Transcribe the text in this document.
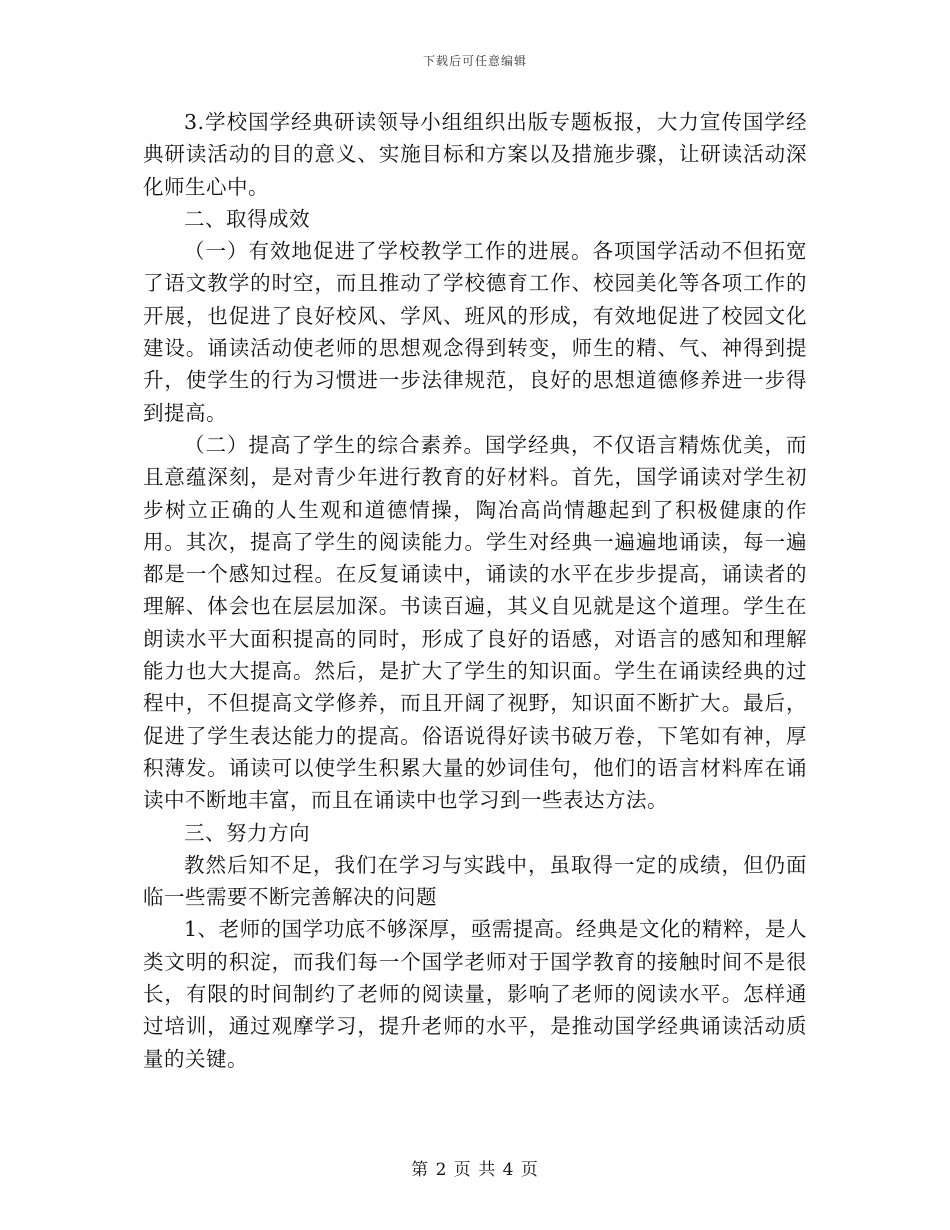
下载后可任意编辑

3.学校国学经典研读领导小组组织出版专题板报，大力宣传国学经典研读活动的目的意义、实施目标和方案以及措施步骤，让研读活动深化师生心中。

二、取得成效

（一）有效地促进了学校教学工作的进展。各项国学活动不但拓宽了语文教学的时空，而且推动了学校德育工作、校园美化等各项工作的开展，也促进了良好校风、学风、班风的形成，有效地促进了校园文化建设。诵读活动使老师的思想观念得到转变，师生的精、气、神得到提升，使学生的行为习惯进一步法律规范，良好的思想道德修养进一步得到提高。

（二）提高了学生的综合素养。国学经典，不仅语言精炼优美，而且意蕴深刻，是对青少年进行教育的好材料。首先，国学诵读对学生初步树立正确的人生观和道德情操，陶冶高尚情趣起到了积极健康的作用。其次，提高了学生的阅读能力。学生对经典一遍遍地诵读，每一遍都是一个感知过程。在反复诵读中，诵读的水平在步步提高，诵读者的理解、体会也在层层加深。书读百遍，其义自见就是这个道理。学生在朗读水平大面积提高的同时，形成了良好的语感，对语言的感知和理解能力也大大提高。然后，是扩大了学生的知识面。学生在诵读经典的过程中，不但提高文学修养，而且开阔了视野，知识面不断扩大。最后，促进了学生表达能力的提高。俗语说得好读书破万卷，下笔如有神，厚积薄发。诵读可以使学生积累大量的妙词佳句，他们的语言材料库在诵读中不断地丰富，而且在诵读中也学习到一些表达方法。

三、努力方向

教然后知不足，我们在学习与实践中，虽取得一定的成绩，但仍面临一些需要不断完善解决的问题

1、老师的国学功底不够深厚，亟需提高。经典是文化的精粹，是人类文明的积淀，而我们每一个国学老师对于国学教育的接触时间不是很长，有限的时间制约了老师的阅读量，影响了老师的阅读水平。怎样通过培训，通过观摩学习，提升老师的水平，是推动国学经典诵读活动质量的关键。

第 2 页 共 4 页
